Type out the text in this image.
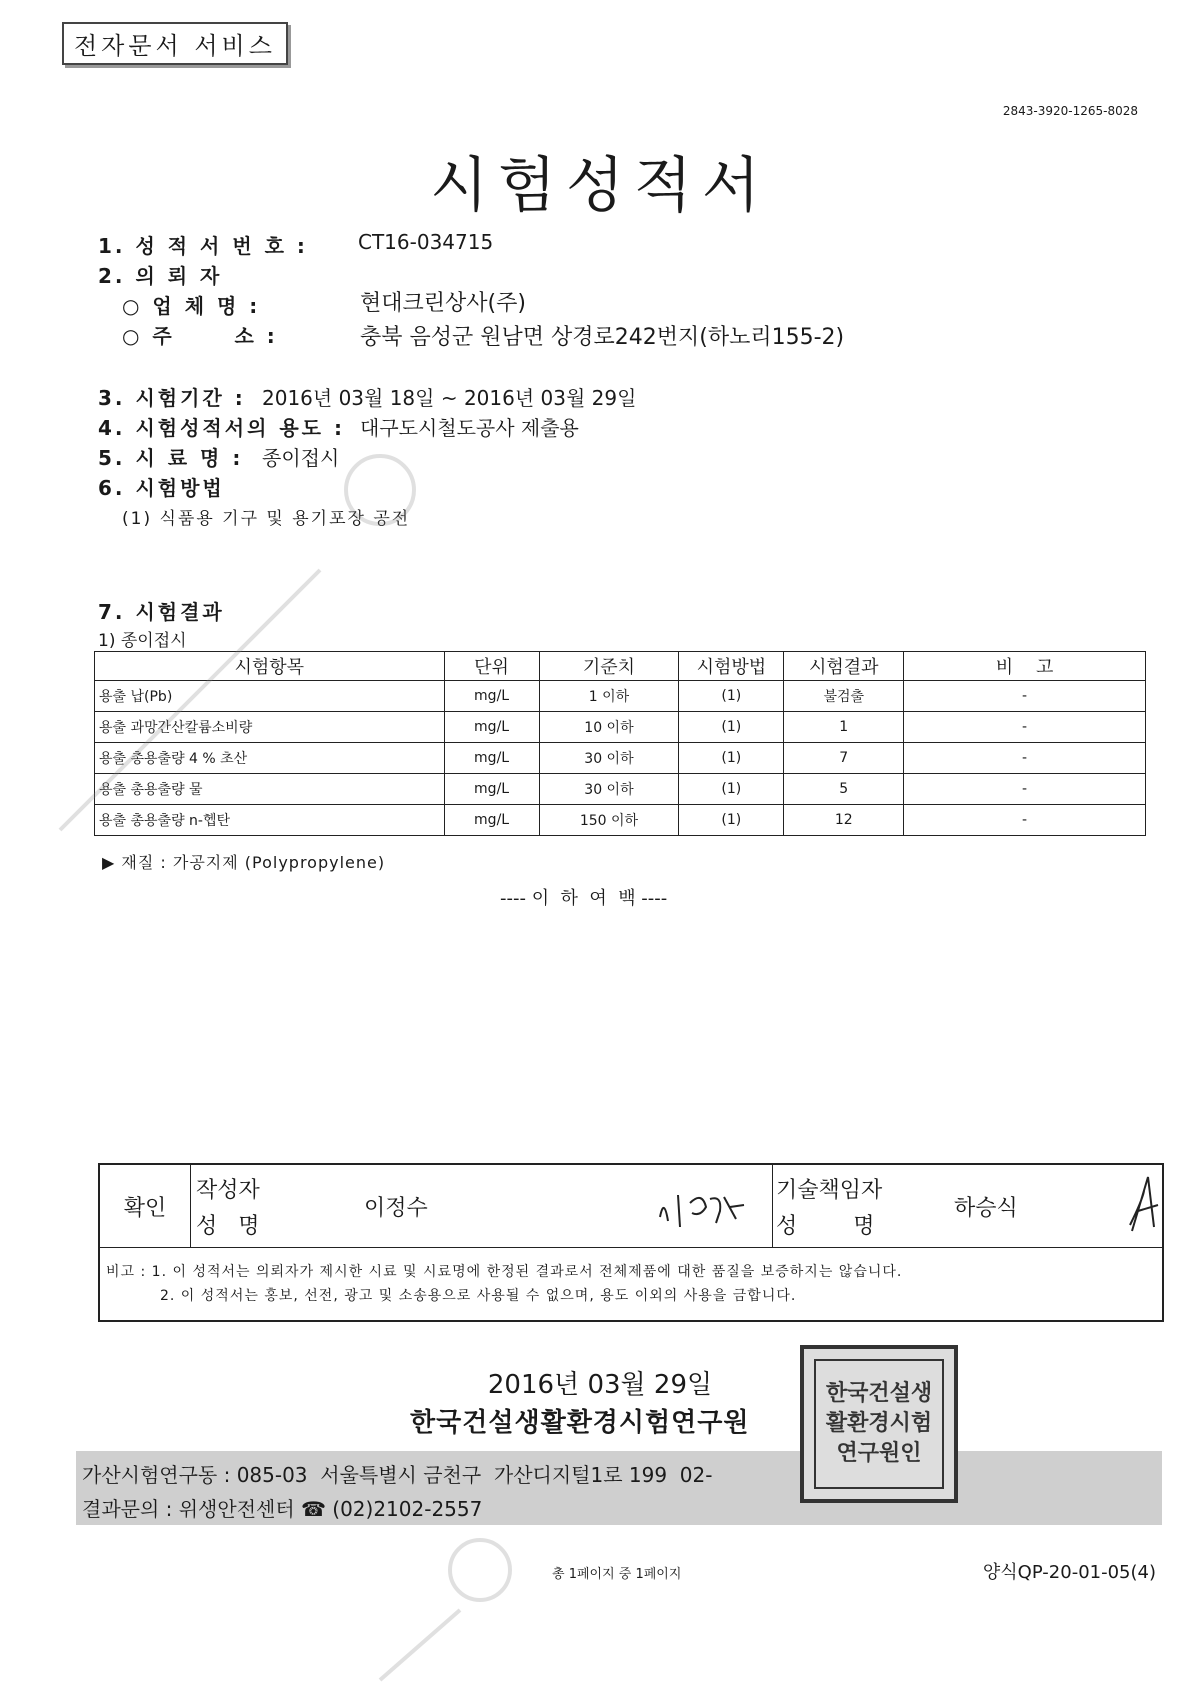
전자문서 서비스
2843-3920-1265-8028
시험성적서
1. 성 적 서 번 호 :	CT16-034715
2. 의 뢰 자
○ 업 체 명 :	현대크린상사(주)
○ 주      소 :	충북 음성군 원남면 상경로242번지(하노리155-2)
3. 시험기간 : 2016년 03월 18일 ~ 2016년 03월 29일
4. 시험성적서의 용도 : 대구도시철도공사 제출용
5. 시 료 명 : 종이접시
6. 시험방법
(1) 식품용 기구 및 용기포장 공전
7. 시험결과
1) 종이접시
시험항목	단위	기준치	시험방법	시험결과	비    고
용출 납(Pb)	mg/L	1 이하	(1)	불검출	-
용출 과망간산칼륨소비량	mg/L	10 이하	(1)	1	-
용출 총용출량 4 % 초산	mg/L	30 이하	(1)	7	-
용출 총용출량 물	mg/L	30 이하	(1)	5	-
용출 총용출량 n-헵탄	mg/L	150 이하	(1)	12	-
▶ 재질 : 가공지제 (Polypropylene)
---- 이  하  여  백 ----
확인
작성자
성   명
이정수
기술책임자
성        명
하승식
비고 : 1. 이 성적서는 의뢰자가 제시한 시료 및 시료명에 한정된 결과로서 전체제품에 대한 품질을 보증하지는 않습니다.
2. 이 성적서는 홍보, 선전, 광고 및 소송용으로 사용될 수 없으며, 용도 이외의 사용을 금합니다.
2016년 03월 29일
한국건설생활환경시험연구원
가산시험연구동 : 085-03  서울특별시 금천구  가산디지털1로 199  02-
결과문의 : 위생안전센터 ☎ (02)2102-2557
한국건설생활환경시험연구원인
총 1페이지 중 1페이지	양식QP-20-01-05(4)
